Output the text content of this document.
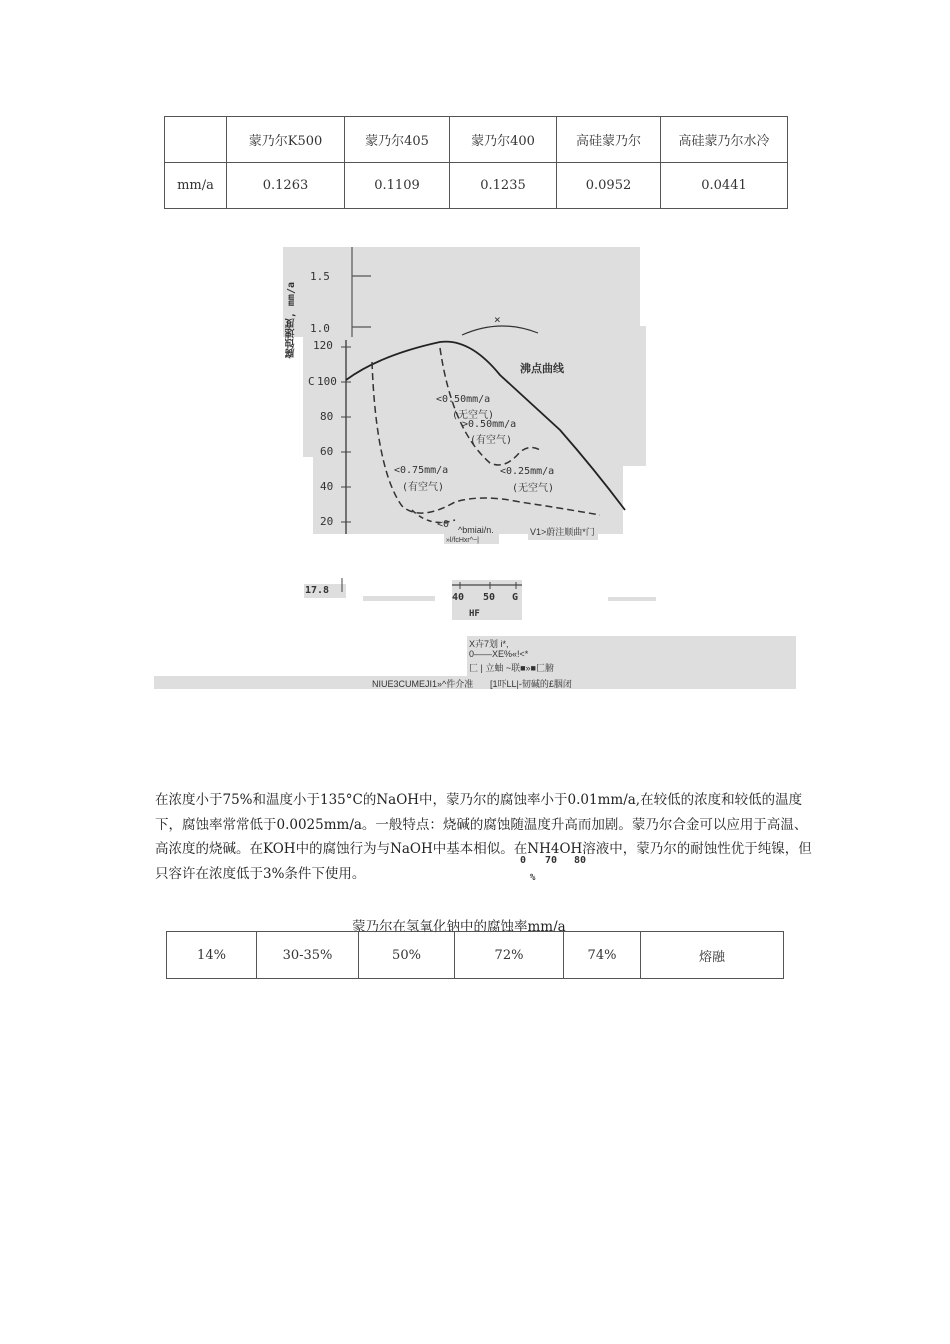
	蒙乃尔K500	蒙乃尔405	蒙乃尔400	高硅蒙乃尔	高硅蒙乃尔水冷
mm/a	0.1263	0.1109	0.1235	0.0952	0.0441
腐蚀速度, mm/a
1.5
1.0
120
C 100
80
60
40
20
×
沸点曲线
<0.50mm/a
(无空气)
>0.50mm/a
(有空气)
<0.75mm/a
(有空气)
<0.25mm/a
(无空气)
<0 ^bmiai/n.
»l/fcHxr^~|
V1>蔚注顺曲*门
17.8
40 50 G
HF
X卉7划 i*,
0——XE%«!<*
匚 | 立蚰 ~联■»■匚腑
NIUE3CUMEJI1»^件介准 [1吓LL|-韧碱的£胭闭
0 70 80
%

在浓度小于75%和温度小于135°C的NaOH中，蒙乃尔的腐蚀率小于0.01mm/a,在较低的浓度和较低的温度

下，腐蚀率常常低于0.0025mm/a。一般特点：烧碱的腐蚀随温度升高而加剧。蒙乃尔合金可以应用于高温、

高浓度的烧碱。在KOH中的腐蚀行为与NaOH中基本相似。在NH4OH溶液中，蒙乃尔的耐蚀性优于纯镍，但

只容许在浓度低于3%条件下使用。

蒙乃尔在氢氧化钠中的腐蚀率mm/a
14%	30-35%	50%	72%	74%	熔融
